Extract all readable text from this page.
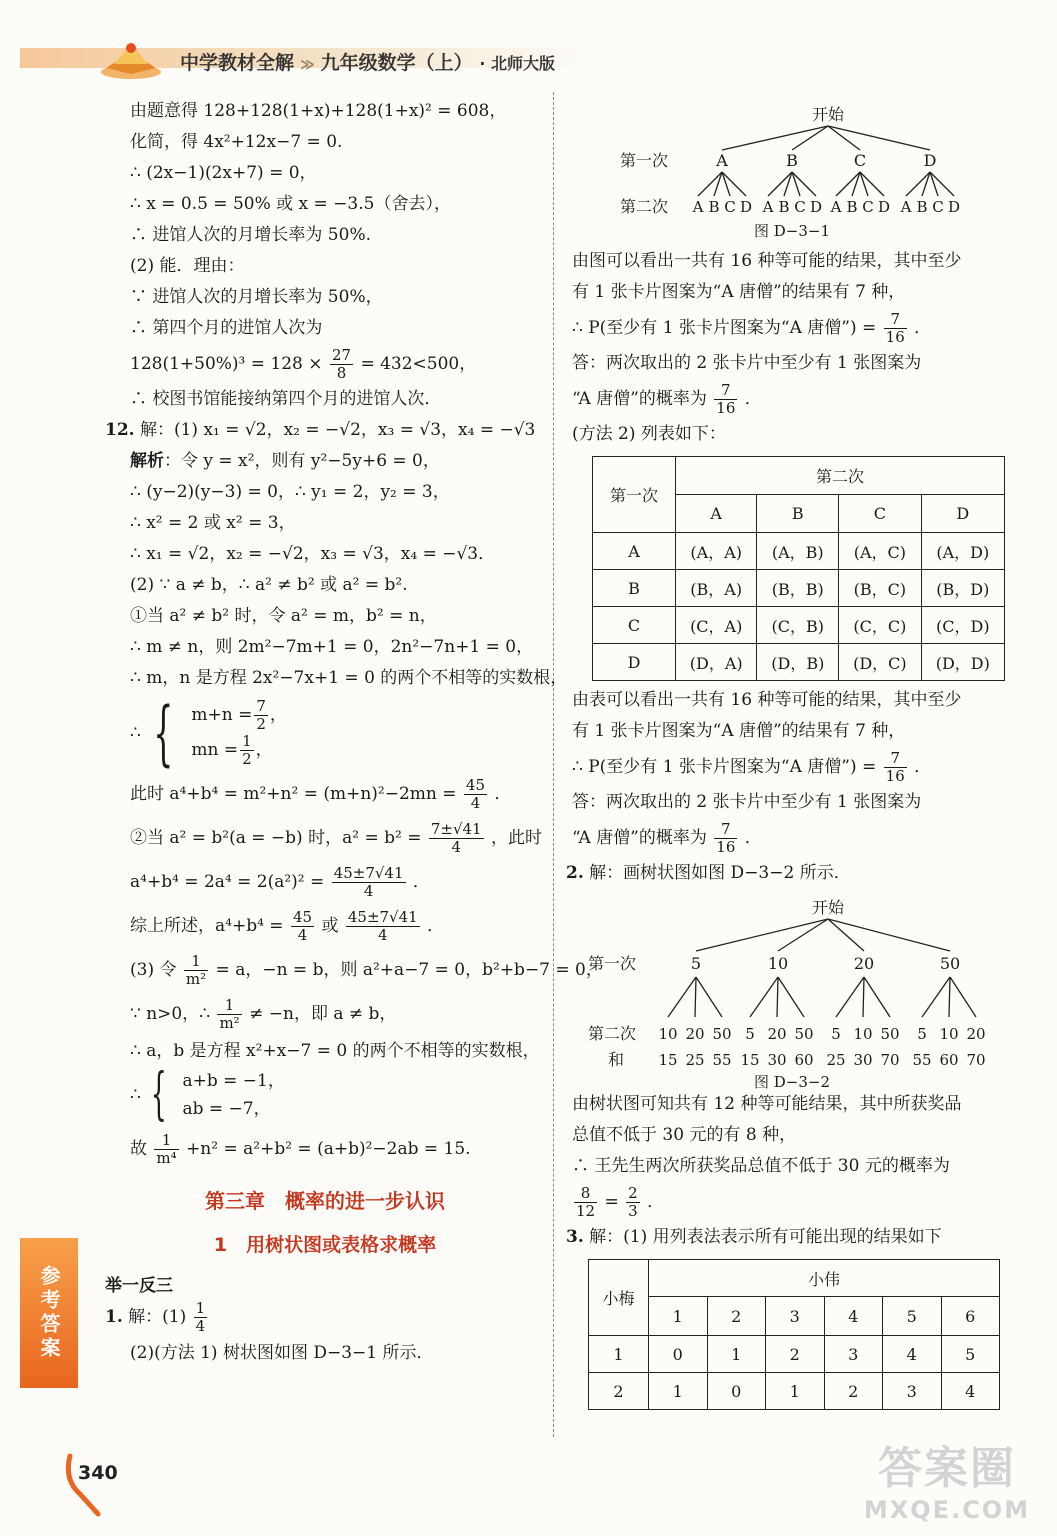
中学教材全解 ≫ 九年级数学（上） · 北师大版
由题意得 128+128(1+x)+128(1+x)² = 608，
化简，得 4x²+12x−7 = 0.
∴ (2x−1)(2x+7) = 0，
∴ x = 0.5 = 50% 或 x = −3.5（舍去），
∴ 进馆人次的月增长率为 50%.
(2) 能．理由：
∵ 进馆人次的月增长率为 50%，
∴ 第四个月的进馆人次为
$128(1+50\%)^3 = 128 \times \frac{27}{8} = 432<500$，
∴ 校图书馆能接纳第四个月的进馆人次．
12. 解：(1) x₁ = √2，x₂ = −√2，x₃ = √3，x₄ = −√3
解析：令 y = x²，则有 y²−5y+6 = 0，
∴ (y−2)(y−3) = 0，∴ y₁ = 2，y₂ = 3，
∴ x² = 2 或 x² = 3，
∴ x₁ = √2，x₂ = −√2，x₃ = √3，x₄ = −√3．
(2) ∵ a ≠ b，∴ a² ≠ b² 或 a² = b².
①当 a² ≠ b² 时，令 a² = m，b² = n，
∴ m ≠ n，则 2m²−7m+1 = 0，2n²−7n+1 = 0，
∴ m，n 是方程 2x²−7x+1 = 0 的两个不相等的实数根，
∴ { $m+n = \frac{7}{2}$ ，
mn = $\frac{1}{2}$ ，
此时 $a^4+b^4 = m^2+n^2 = (m+n)^2-2mn = \frac{45}{4}$ ．
②当 a² = b²(a = −b) 时，$a^2 = b^2 = \frac{7\pm√41}{4}$ ，此时
$a^4+b^4 = 2a^4 = 2(a^2)^2 = \frac{45\pm 7√41}{4}$ ．
综上所述，$a^4+b^4 = \frac{45}{4}$ 或 $\frac{45\pm 7√41}{4}$ ．
(3) 令 $\frac{1}{\text{m²}} = a$，−n = b，则 a²+a−7 = 0，b²+b−7 = 0，
∵ n>0，∴ $\frac{1}{\text{m²}} \ne -n$，即 a ≠ b，
∴ a，b 是方程 x²+x−7 = 0 的两个不相等的实数根，
∴ { a+b = −1，
ab = −7，
故 $\frac{1}{\text{m⁴}} +n^2 = a^2+b^2 = (a+b)^2-2ab = 15$.
第三章　概率的进一步认识
1　用树状图或表格求概率
举一反三
1. 解：$(1) \frac{1}{4}$
(2)(方法 1) 树状图如图 D−3−1 所示．
开始
第一次
第二次
A
A B C D
B
A B C D
C
A B C D
D
A B C D
图 D−3−1
由图可以看出一共有 16 种等可能的结果，其中至少
有 1 张卡片图案为“A 唐僧”的结果有 7 种，
∴ P(至少有 1 张卡片图案为“A 唐僧”) = $\frac{7}{16}$ ．
答：两次取出的 2 张卡片中至少有 1 张图案为
“A 唐僧”的概率为 $\frac{7}{16}$ ．
(方法 2) 列表如下：
第一次	第二次			
	A	B	C	D
A	(A，A)	(A，B)	(A，C)	(A，D)
B	(B，A)	(B，B)	(B，C)	(B，D)
C	(C，A)	(C，B)	(C，C)	(C，D)
D	(D，A)	(D，B)	(D，C)	(D，D)
由表可以看出一共有 16 种等可能的结果，其中至少
有 1 张卡片图案为“A 唐僧”的结果有 7 种，
∴ P(至少有 1 张卡片图案为“A 唐僧”) = $\frac{7}{16}$ ．
答：两次取出的 2 张卡片中至少有 1 张图案为
“A 唐僧”的概率为 $\frac{7}{16}$ ．
2. 解：画树状图如图 D−3−2 所示．
开始
第一次
第二次
和
5
10
15
20
25
50
55
10
5
15
20
30
50
60
20
5
25
10
30
50
70
50
5
55
10
60
20
70
图 D−3−2
由树状图可知共有 12 种等可能结果，其中所获奖品
总值不低于 30 元的有 8 种，
∴ 王先生两次所获奖品总值不低于 30 元的概率为
$\frac{8}{12} = \frac{2}{3}$ ．
3. 解：(1) 用列表法表示所有可能出现的结果如下
小梅	小伟					
	1	2	3	4	5	6
1	0	1	2	3	4	5
2	1	0	1	2	3	4
参考答案
340	答案圈
MXQE.COM
